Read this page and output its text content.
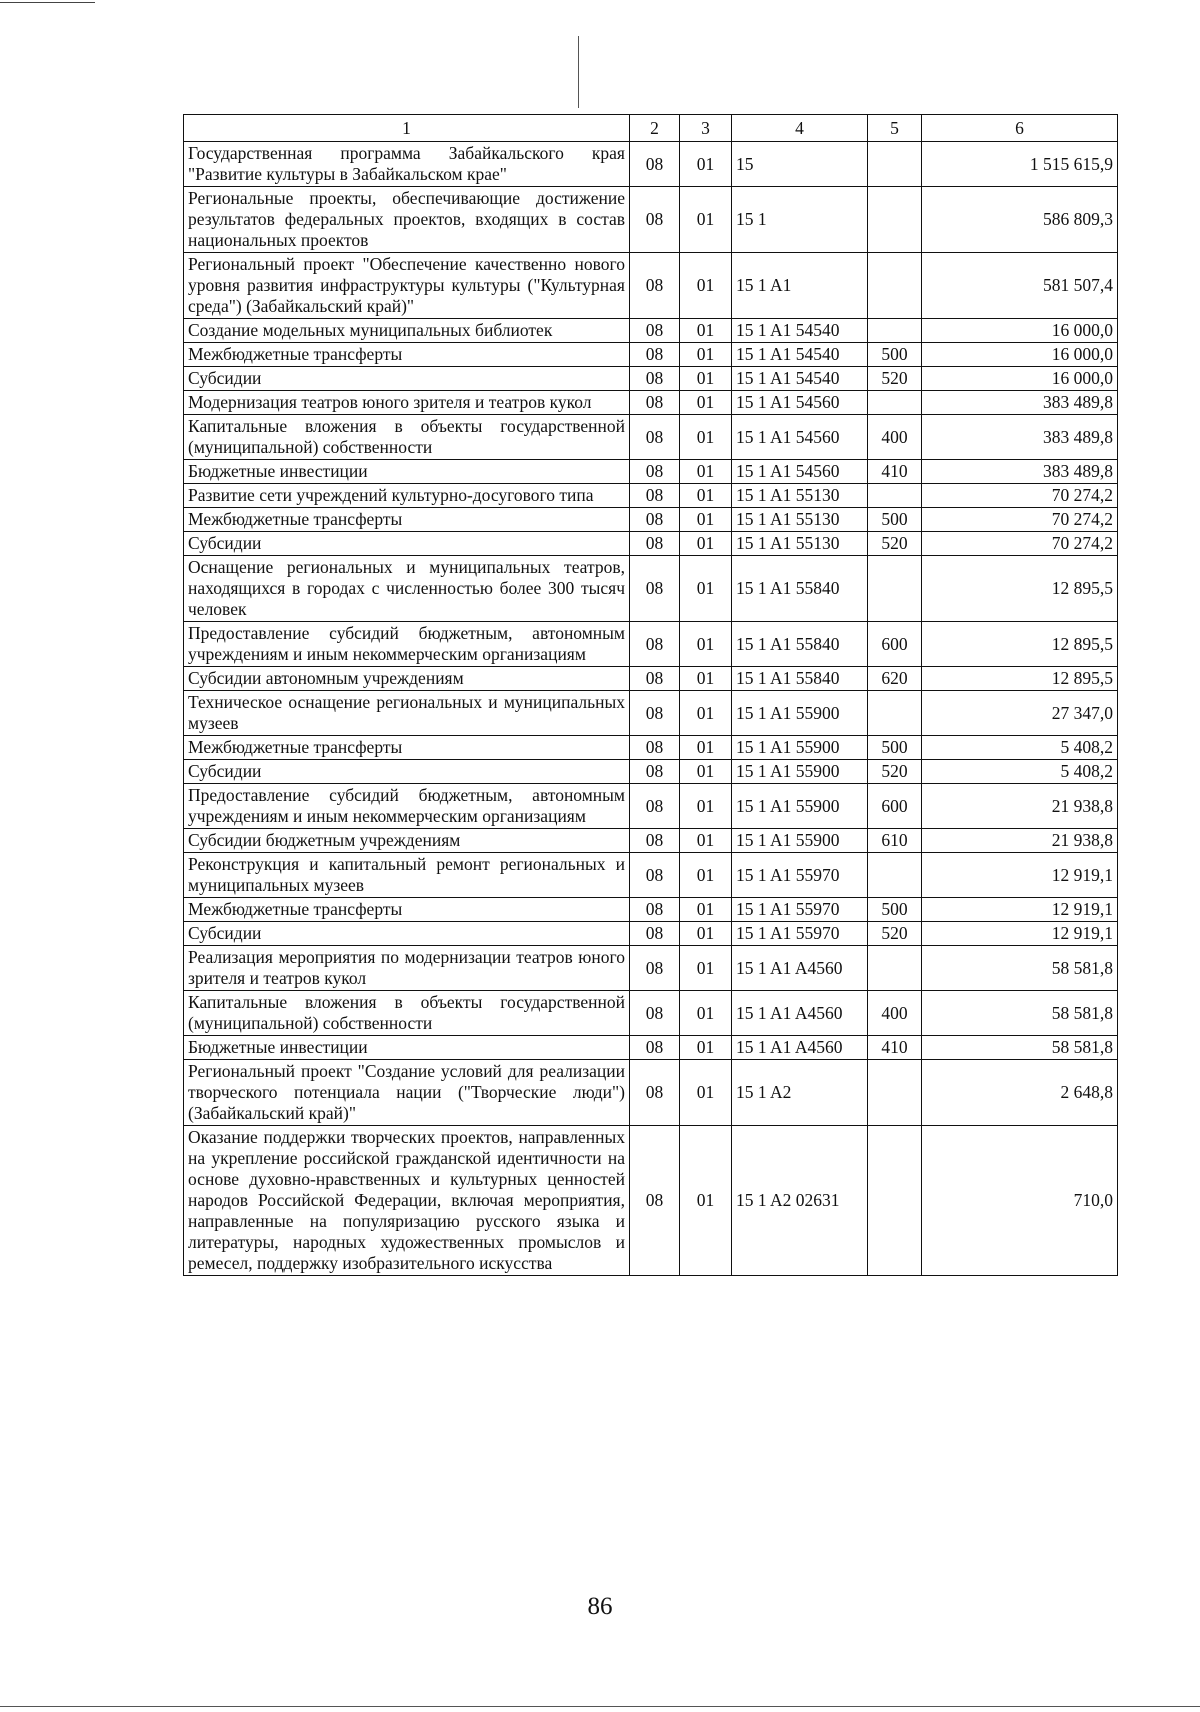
1	2	3	4	5	6
Государственная программа Забайкальского края "Развитие культуры в Забайкальском крае"	08	01	15		1 515 615,9
Региональные проекты, обеспечивающие достижение результатов федеральных проектов, входящих в состав национальных проектов	08	01	15 1		586 809,3
Региональный проект "Обеспечение качественно нового уровня развития инфраструктуры культуры ("Культурная среда") (Забайкальский край)"	08	01	15 1 A1		581 507,4
Создание модельных муниципальных библиотек	08	01	15 1 A1 54540		16 000,0
Межбюджетные трансферты	08	01	15 1 A1 54540	500	16 000,0
Субсидии	08	01	15 1 A1 54540	520	16 000,0
Модернизация театров юного зрителя и театров кукол	08	01	15 1 A1 54560		383 489,8
Капитальные вложения в объекты государственной (муниципальной) собственности	08	01	15 1 A1 54560	400	383 489,8
Бюджетные инвестиции	08	01	15 1 A1 54560	410	383 489,8
Развитие сети учреждений культурно-досугового типа	08	01	15 1 A1 55130		70 274,2
Межбюджетные трансферты	08	01	15 1 A1 55130	500	70 274,2
Субсидии	08	01	15 1 A1 55130	520	70 274,2
Оснащение региональных и муниципальных театров, находящихся в городах с численностью более 300 тысяч человек	08	01	15 1 A1 55840		12 895,5
Предоставление субсидий бюджетным, автономным учреждениям и иным некоммерческим организациям	08	01	15 1 A1 55840	600	12 895,5
Субсидии автономным учреждениям	08	01	15 1 A1 55840	620	12 895,5
Техническое оснащение региональных и муниципальных музеев	08	01	15 1 A1 55900		27 347,0
Межбюджетные трансферты	08	01	15 1 A1 55900	500	5 408,2
Субсидии	08	01	15 1 A1 55900	520	5 408,2
Предоставление субсидий бюджетным, автономным учреждениям и иным некоммерческим организациям	08	01	15 1 A1 55900	600	21 938,8
Субсидии бюджетным учреждениям	08	01	15 1 A1 55900	610	21 938,8
Реконструкция и капитальный ремонт региональных и муниципальных музеев	08	01	15 1 A1 55970		12 919,1
Межбюджетные трансферты	08	01	15 1 A1 55970	500	12 919,1
Субсидии	08	01	15 1 A1 55970	520	12 919,1
Реализация мероприятия по модернизации театров юного зрителя и театров кукол	08	01	15 1 A1 A4560		58 581,8
Капитальные вложения в объекты государственной (муниципальной) собственности	08	01	15 1 A1 A4560	400	58 581,8
Бюджетные инвестиции	08	01	15 1 A1 A4560	410	58 581,8
Региональный проект "Создание условий для реализации творческого потенциала нации ("Творческие люди") (Забайкальский край)"	08	01	15 1 A2		2 648,8
Оказание поддержки творческих проектов, направленных на укрепление российской гражданской идентичности на основе духовно-нравственных и культурных ценностей народов Российской Федерации, включая мероприятия, направленные на популяризацию русского языка и литературы, народных художественных промыслов и ремесел, поддержку изобразительного искусства	08	01	15 1 A2 02631		710,0
86
